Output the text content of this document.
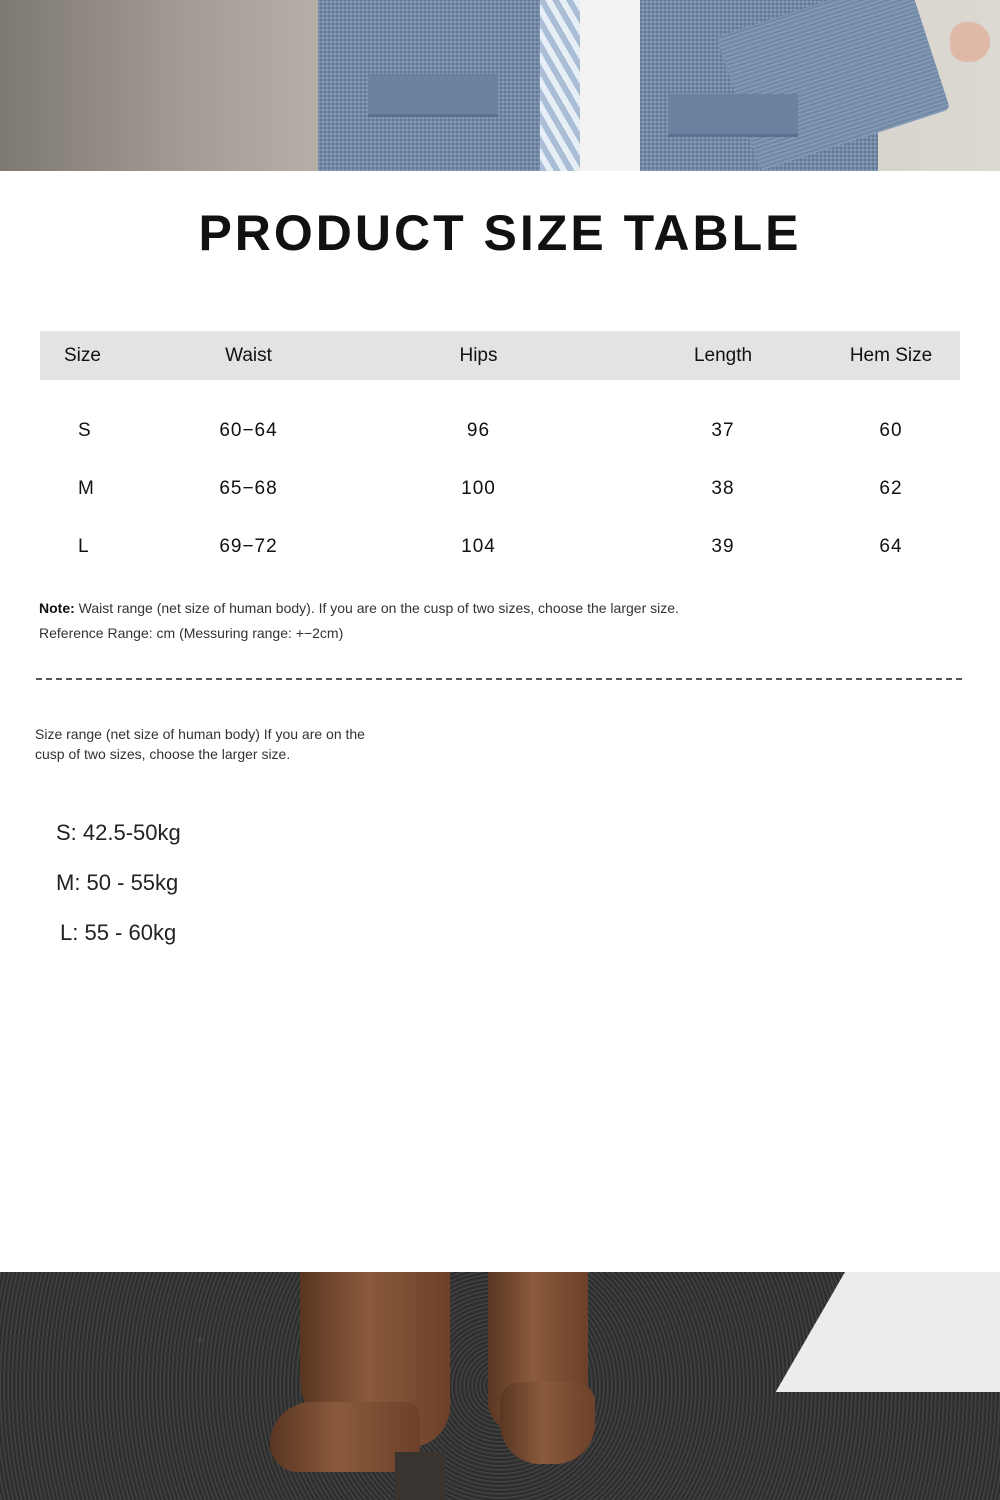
PRODUCT SIZE TABLE
Size	Waist	Hips	Length	Hem Size

S	60−64	96	37	60
M	65−68	100	38	62
L	69−72	104	39	64

Note: Waist range (net size of human body). If you are on the cusp of two sizes, choose the larger size.
Reference Range: cm (Messuring range: +−2cm)

Size range (net size of human body) If you are on the cusp of two sizes, choose the larger size.

S: 42.5-50kg
M: 50 - 55kg
L: 55 - 60kg
